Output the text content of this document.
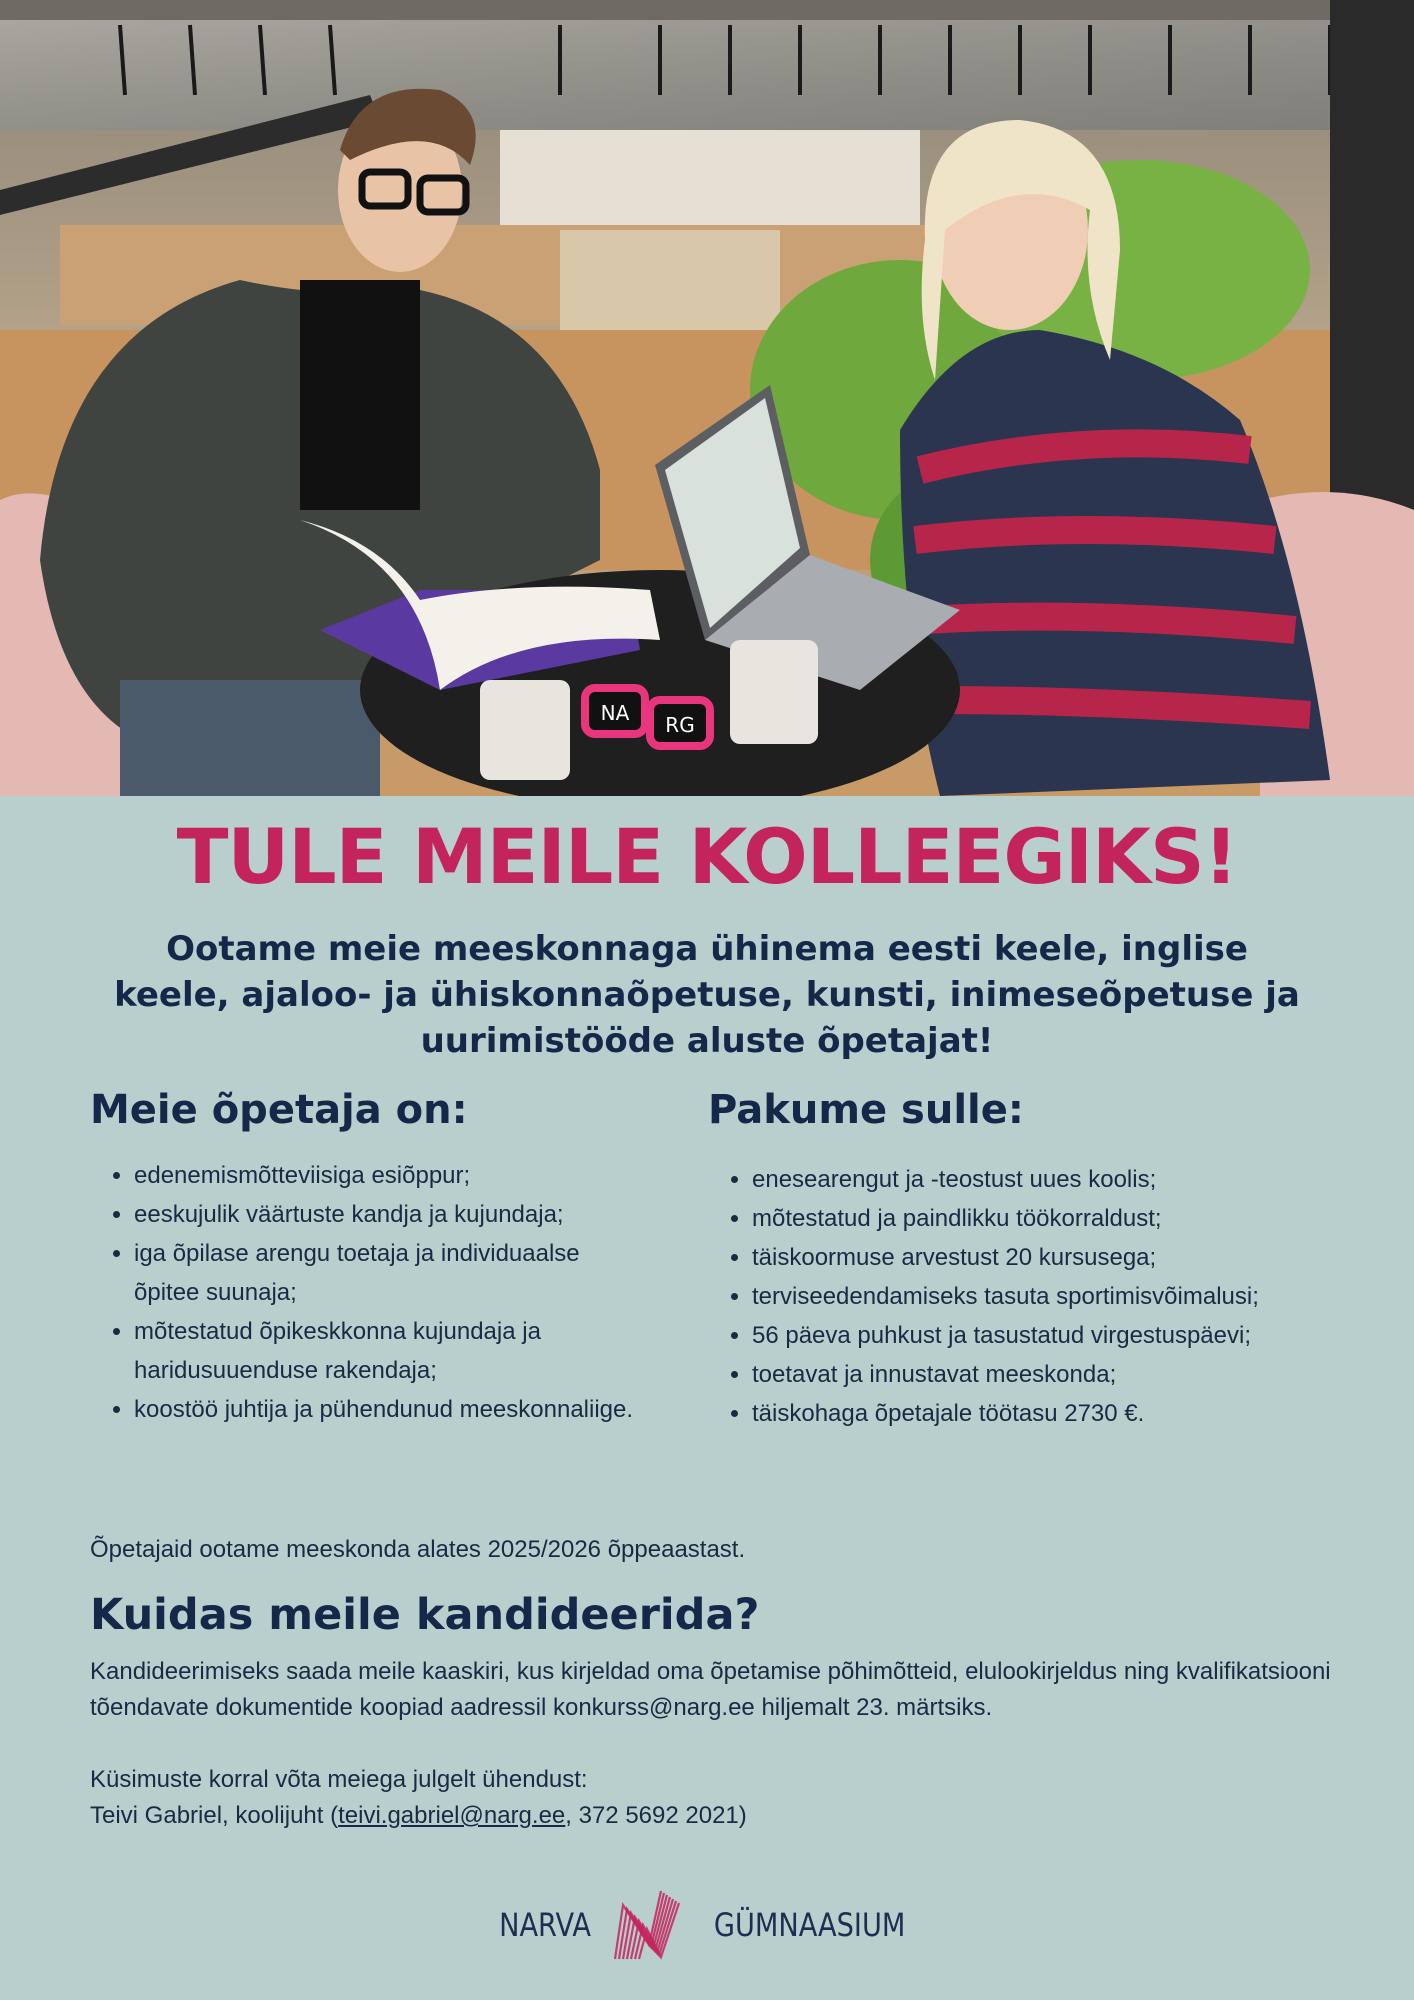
NA RG
TULE MEILE KOLLEEGIKS!
Ootame meie meeskonnaga ühinema eesti keele, inglise keele, ajaloo- ja ühiskonnaõpetuse, kunsti, inimeseõpetuse ja uurimistööde aluste õpetajat!
Meie õpetaja on:
• edenemismõtteviisiga esiõppur;
• eeskujulik väärtuste kandja ja kujundaja;
• iga õpilase arengu toetaja ja individuaalse õpitee suunaja;
• mõtestatud õpikeskkonna kujundaja ja haridusuuenduse rakendaja;
• koostöö juhtija ja pühendunud meeskonnaliige.
Pakume sulle:
• enesearengut ja -teostust uues koolis;
• mõtestatud ja paindlikku töökorraldust;
• täiskoormuse arvestust 20 kursusega;
• terviseedendamiseks tasuta sportimisvõimalusi;
• 56 päeva puhkust ja tasustatud virgestuspäevi;
• toetavat ja innustavat meeskonda;
• täiskohaga õpetajale töötasu 2730 €.
Õpetajaid ootame meeskonda alates 2025/2026 õppeaastast.
Kuidas meile kandideerida?
Kandideerimiseks saada meile kaaskiri, kus kirjeldad oma õpetamise põhimõtteid, elulookirjeldus ning kvalifikatsiooni tõendavate dokumentide koopiad aadressil konkurss@narg.ee hiljemalt 23. märtsiks.
Küsimuste korral võta meiega julgelt ühendust:
Teivi Gabriel, koolijuht (teivi.gabriel@narg.ee, 372 5692 2021)
NARVA	GÜMNAASIUM
